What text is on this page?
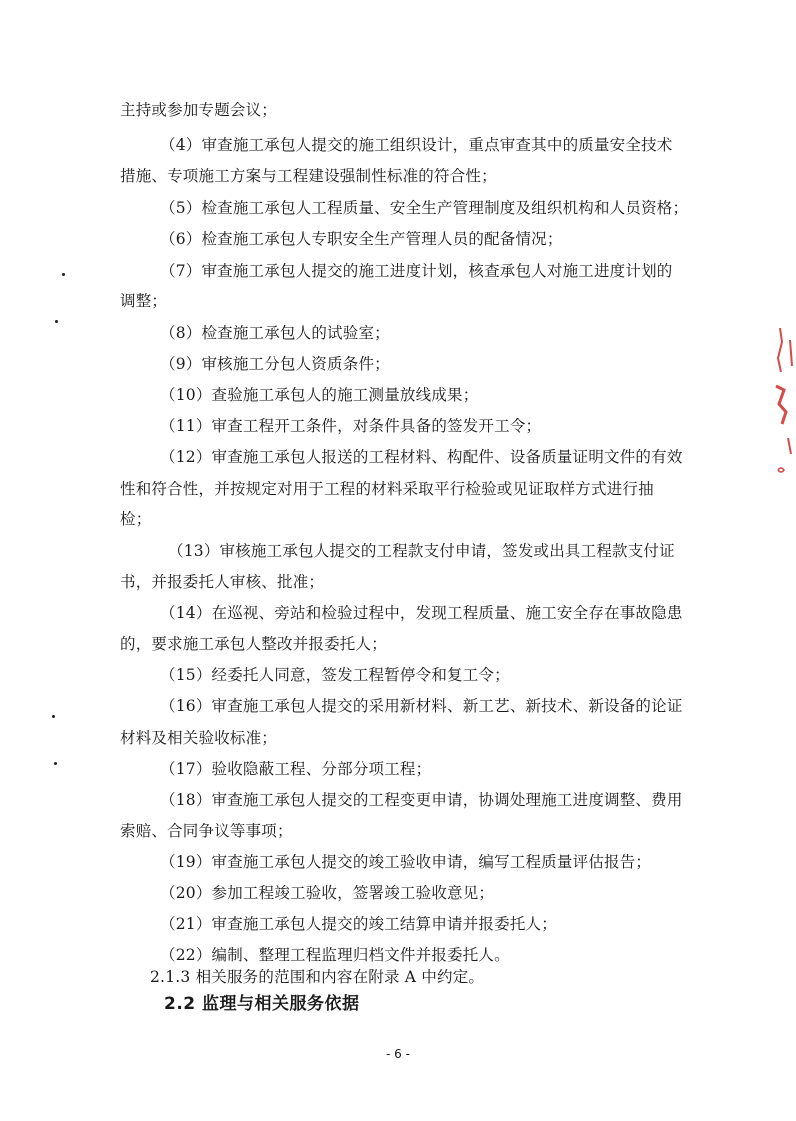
主持或参加专题会议；
（4）审查施工承包人提交的施工组织设计，重点审查其中的质量安全技术
措施、专项施工方案与工程建设强制性标准的符合性；
（5）检查施工承包人工程质量、安全生产管理制度及组织机构和人员资格；
（6）检查施工承包人专职安全生产管理人员的配备情况；
（7）审查施工承包人提交的施工进度计划，核查承包人对施工进度计划的
调整；
（8）检查施工承包人的试验室；
（9）审核施工分包人资质条件；
（10）查验施工承包人的施工测量放线成果；
（11）审查工程开工条件，对条件具备的签发开工令；
（12）审查施工承包人报送的工程材料、构配件、设备质量证明文件的有效
性和符合性，并按规定对用于工程的材料采取平行检验或见证取样方式进行抽
检；
（13）审核施工承包人提交的工程款支付申请，签发或出具工程款支付证
书，并报委托人审核、批准；
（14）在巡视、旁站和检验过程中，发现工程质量、施工安全存在事故隐患
的，要求施工承包人整改并报委托人；
（15）经委托人同意，签发工程暂停令和复工令；
（16）审查施工承包人提交的采用新材料、新工艺、新技术、新设备的论证
材料及相关验收标准；
（17）验收隐蔽工程、分部分项工程；
（18）审查施工承包人提交的工程变更申请，协调处理施工进度调整、费用
索赔、合同争议等事项；
（19）审查施工承包人提交的竣工验收申请，编写工程质量评估报告；
（20）参加工程竣工验收，签署竣工验收意见；
（21）审查施工承包人提交的竣工结算申请并报委托人；
（22）编制、整理工程监理归档文件并报委托人。
2.1.3 相关服务的范围和内容在附录 A 中约定。
2.2 监理与相关服务依据
- 6 -
